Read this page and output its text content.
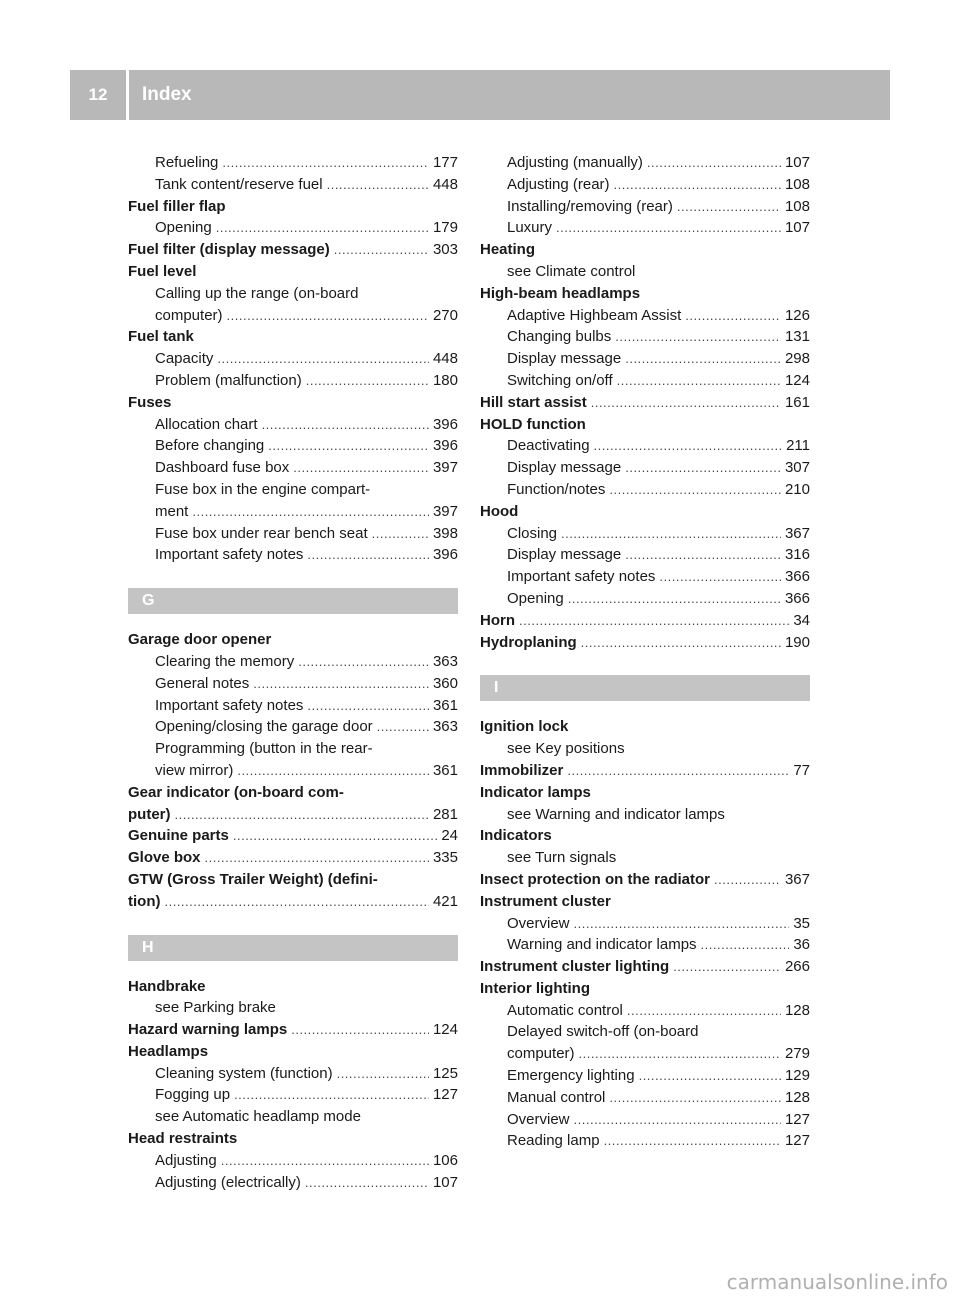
12	Index
Refueling .....	177
Tank content/reserve fuel .....	448
Fuel filler flap
Opening .....	179
Fuel filter (display message) .....	303
Fuel level
Calling up the range (on-board
computer) .....	270
Fuel tank
Capacity .....	448
Problem (malfunction) .....	180
Fuses
Allocation chart .....	396
Before changing .....	396
Dashboard fuse box .....	397
Fuse box in the engine compart-
ment .....	397
Fuse box under rear bench seat .....	398
Important safety notes .....	396
G
Garage door opener
Clearing the memory .....	363
General notes .....	360
Important safety notes .....	361
Opening/closing the garage door .....	363
Programming (button in the rear-
view mirror) .....	361
Gear indicator (on-board com-
puter) .....	281
Genuine parts .....	24
Glove box .....	335
GTW (Gross Trailer Weight) (defini-
tion) .....	421
H
Handbrake
see Parking brake
Hazard warning lamps .....	124
Headlamps
Cleaning system (function) .....	125
Fogging up .....	127
see Automatic headlamp mode
Head restraints
Adjusting .....	106
Adjusting (electrically) .....	107
Adjusting (manually) .....	107
Adjusting (rear) .....	108
Installing/removing (rear) .....	108
Luxury .....	107
Heating
see Climate control
High-beam headlamps
Adaptive Highbeam Assist .....	126
Changing bulbs .....	131
Display message .....	298
Switching on/off .....	124
Hill start assist .....	161
HOLD function
Deactivating .....	211
Display message .....	307
Function/notes .....	210
Hood
Closing .....	367
Display message .....	316
Important safety notes .....	366
Opening .....	366
Horn .....	34
Hydroplaning .....	190
I
Ignition lock
see Key positions
Immobilizer .....	77
Indicator lamps
see Warning and indicator lamps
Indicators
see Turn signals
Insect protection on the radiator .....	367
Instrument cluster
Overview .....	35
Warning and indicator lamps .....	36
Instrument cluster lighting .....	266
Interior lighting
Automatic control .....	128
Delayed switch-off (on-board
computer) .....	279
Emergency lighting .....	129
Manual control .....	128
Overview .....	127
Reading lamp .....	127
carmanualsonline.info
